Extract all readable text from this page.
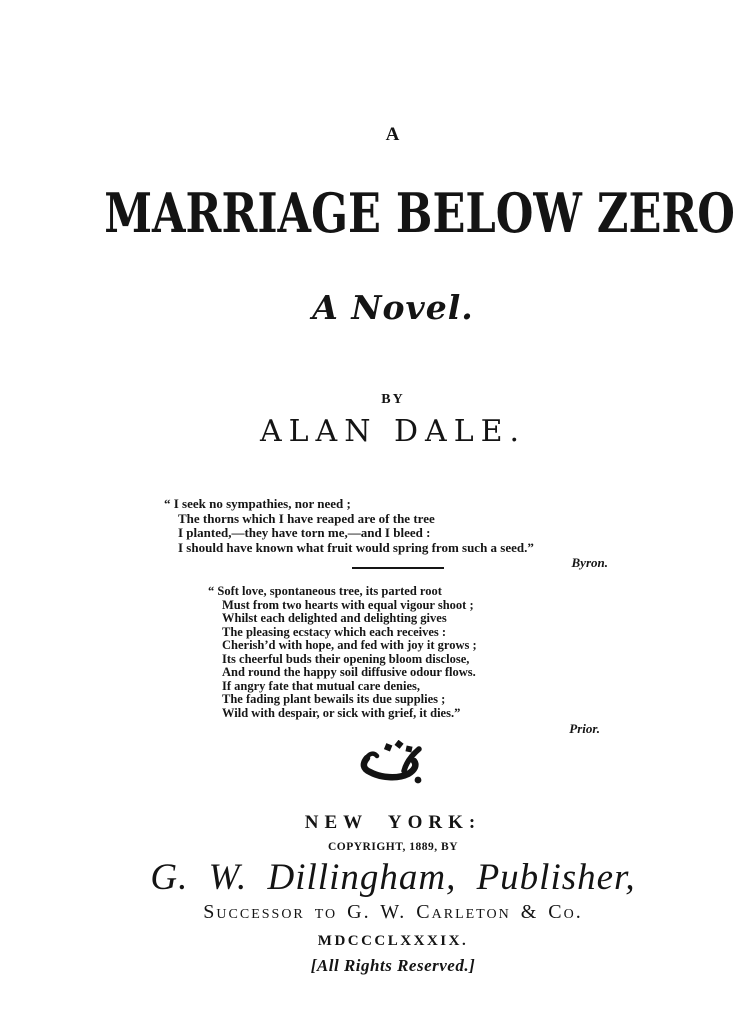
A
MARRIAGE BELOW ZERO
A Novel.
BY
ALAN DALE.
“ I seek no sympathies, nor need ;
The thorns which I have reaped are of the tree
I planted,—they have torn me,—and I bleed :
I should have known what fruit would spring from such a seed.”
Byron.
“ Soft love, spontaneous tree, its parted root
Must from two hearts with equal vigour shoot ;
Whilst each delighted and delighting gives
The pleasing ecstacy which each receives :
Cherish’d with hope, and fed with joy it grows ;
Its cheerful buds their opening bloom disclose,
And round the happy soil diffusive odour flows.
If angry fate that mutual care denies,
The fading plant bewails its due supplies ;
Wild with despair, or sick with grief, it dies.”
Prior.
NEW YORK:
COPYRIGHT, 1889, BY
G. W. Dillingham, Publisher,
Successor to G. W. Carleton & Co.
MDCCCLXXXIX.
[All Rights Reserved.]
